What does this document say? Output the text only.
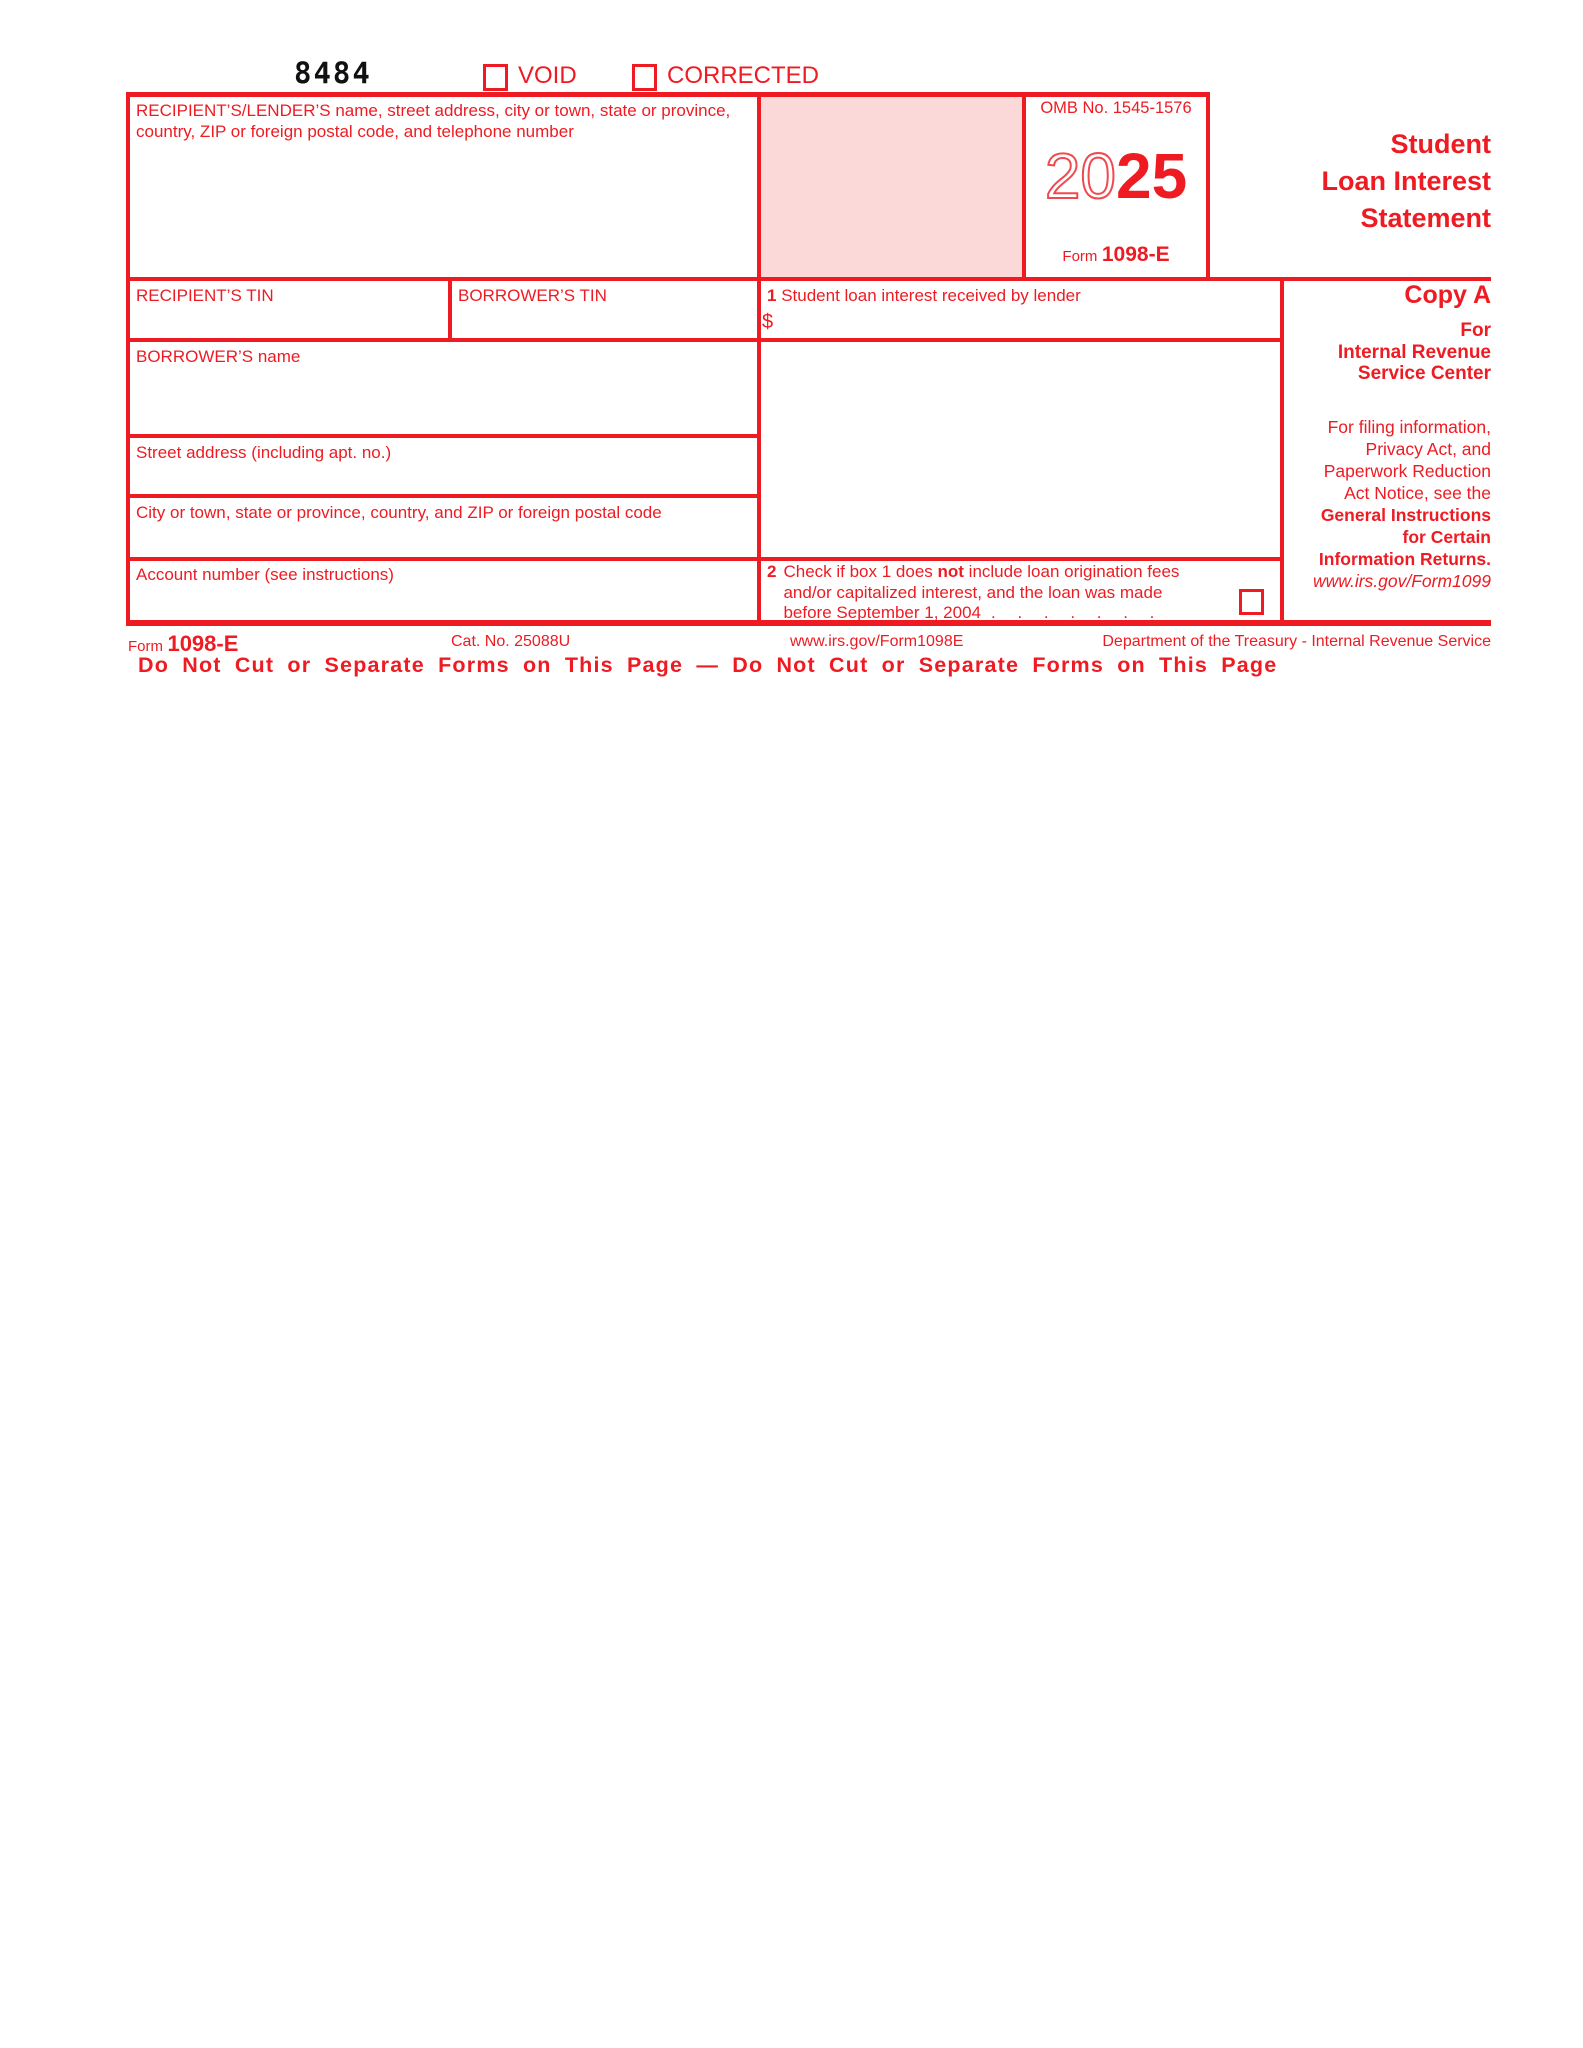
8484	VOID	CORRECTED
RECIPIENT’S/LENDER’S name, street address, city or town, state or province, country, ZIP or foreign postal code, and telephone number
OMB No. 1545-1576
2025
Form 1098-E
Student
Loan Interest
Statement
RECIPIENT’S TIN	BORROWER’S TIN	1 Student loan interest received by lender
$
BORROWER’S name
Street address (including apt. no.)
City or town, state or province, country, and ZIP or foreign postal code
Account number (see instructions)	2 Check if box 1 does not include loan origination fees
and/or capitalized interest, and the loan was made
before September 1, 2004 . . . . . . .
Copy A
For
Internal Revenue
Service Center
For filing information,
Privacy Act, and
Paperwork Reduction
Act Notice, see the
General Instructions
for Certain
Information Returns.
www.irs.gov/Form1099
Form 1098-E	Cat. No. 25088U	www.irs.gov/Form1098E	Department of the Treasury - Internal Revenue Service
Do Not Cut or Separate Forms on This Page — Do Not Cut or Separate Forms on This Page
